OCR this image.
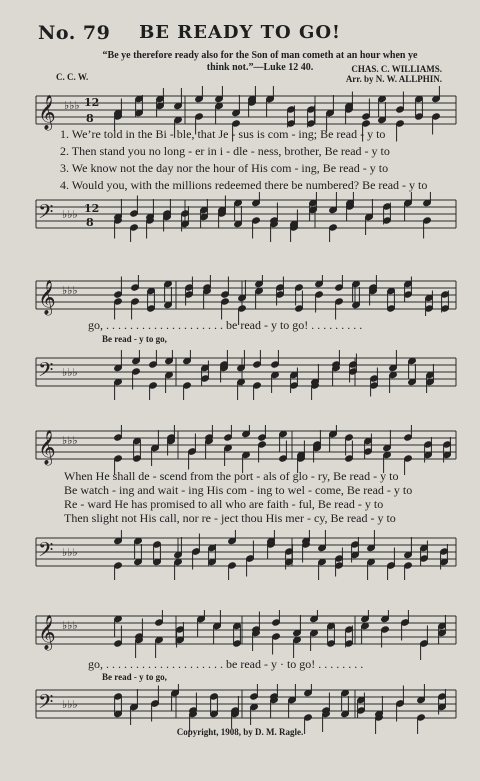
No. 79	BE READY TO GO!
“Be ye therefore ready also for the Son of man cometh at an hour when ye
think not.”—Luke 12 40.
C. C. W.
CHAS. C. WILLIAMS.
Arr. by N. W. ALLPHIN.
𝄞 ♭♭♭ 12
8
1. We’re told in the Bi - ble, that Je - sus is com - ing; Be read - y to
2. Then stand you no long - er in i - dle - ness, brother, Be read - y to
3. We know not the day nor the hour of His com - ing, Be read - y to
4. Would you, with the millions redeemed there be numbered? Be read - y to
𝄢 ♭♭♭ 12
8
𝄞 ♭♭♭
go, . . . . . . . . . . . . . . . . . . . . be read - y to go! . . . . . . . . .
Be read - y to go,
𝄢 ♭♭♭
𝄞 ♭♭♭
When He shall de - scend from the port - als of glo - ry, Be read - y to
Be watch - ing and wait - ing His com - ing to wel - come, Be read - y to
Re - ward He has promised to all who are faith - ful, Be read - y to
Then slight not His call, nor re - ject thou His mer - cy, Be read - y to
𝄢 ♭♭♭
𝄞 ♭♭♭
go, . . . . . . . . . . . . . . . . . . . . be read - y · to go! . . . . . . . .
Be read - y to go,
𝄢 ♭♭♭
Copyright, 1908, by D. M. Ragle.
